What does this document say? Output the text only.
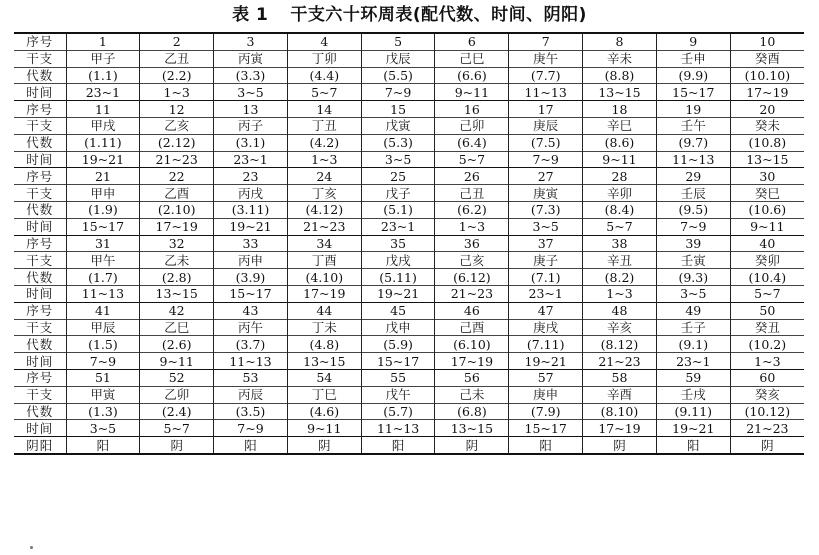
表 1 干支六十环周表(配代数、时间、阴阳)
序号	1	2	3	4	5	6	7	8	9	10
干支	甲子	乙丑	丙寅	丁卯	戊辰	己巳	庚午	辛未	壬申	癸酉
代数	(1.1)	(2.2)	(3.3)	(4.4)	(5.5)	(6.6)	(7.7)	(8.8)	(9.9)	(10.10)
时间	23~1	1~3	3~5	5~7	7~9	9~11	11~13	13~15	15~17	17~19
序号	11	12	13	14	15	16	17	18	19	20
干支	甲戌	乙亥	丙子	丁丑	戊寅	己卯	庚辰	辛巳	壬午	癸未
代数	(1.11)	(2.12)	(3.1)	(4.2)	(5.3)	(6.4)	(7.5)	(8.6)	(9.7)	(10.8)
时间	19~21	21~23	23~1	1~3	3~5	5~7	7~9	9~11	11~13	13~15
序号	21	22	23	24	25	26	27	28	29	30
干支	甲申	乙酉	丙戌	丁亥	戊子	己丑	庚寅	辛卯	壬辰	癸巳
代数	(1.9)	(2.10)	(3.11)	(4.12)	(5.1)	(6.2)	(7.3)	(8.4)	(9.5)	(10.6)
时间	15~17	17~19	19~21	21~23	23~1	1~3	3~5	5~7	7~9	9~11
序号	31	32	33	34	35	36	37	38	39	40
干支	甲午	乙未	丙申	丁酉	戊戌	己亥	庚子	辛丑	壬寅	癸卯
代数	(1.7)	(2.8)	(3.9)	(4.10)	(5.11)	(6.12)	(7.1)	(8.2)	(9.3)	(10.4)
时间	11~13	13~15	15~17	17~19	19~21	21~23	23~1	1~3	3~5	5~7
序号	41	42	43	44	45	46	47	48	49	50
干支	甲辰	乙巳	丙午	丁未	戊申	己酉	庚戌	辛亥	壬子	癸丑
代数	(1.5)	(2.6)	(3.7)	(4.8)	(5.9)	(6.10)	(7.11)	(8.12)	(9.1)	(10.2)
时间	7~9	9~11	11~13	13~15	15~17	17~19	19~21	21~23	23~1	1~3
序号	51	52	53	54	55	56	57	58	59	60
干支	甲寅	乙卯	丙辰	丁巳	戊午	己未	庚申	辛酉	壬戌	癸亥
代数	(1.3)	(2.4)	(3.5)	(4.6)	(5.7)	(6.8)	(7.9)	(8.10)	(9.11)	(10.12)
时间	3~5	5~7	7~9	9~11	11~13	13~15	15~17	17~19	19~21	21~23
阴阳	阳	阴	阳	阴	阳	阴	阳	阴	阳	阴
